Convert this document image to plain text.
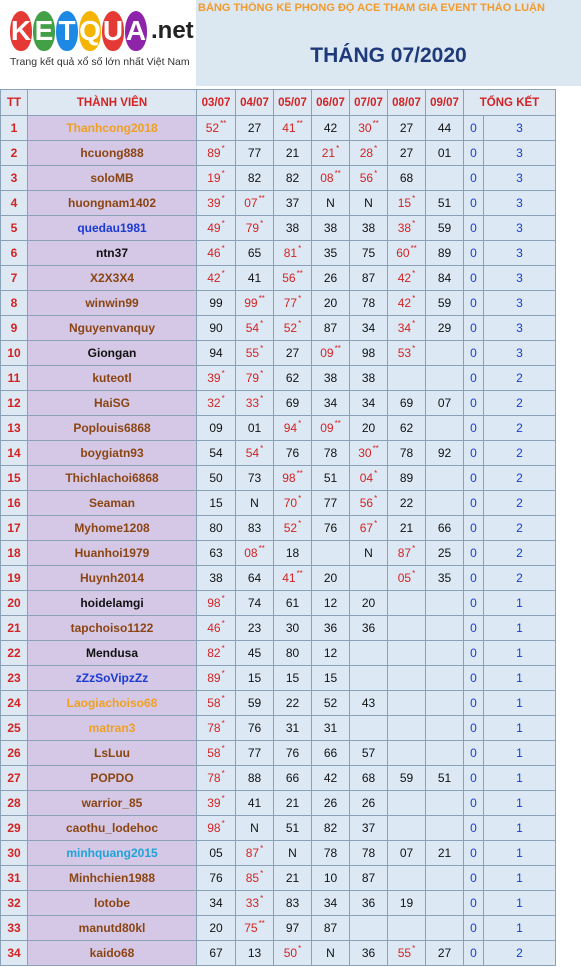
K E T Q U A .net
Trang kết quả xổ số lớn nhất Việt Nam
BẢNG THỐNG KÊ PHONG ĐỘ ACE THAM GIA EVENT THẢO LUẬN
THÁNG 07/2020
TT	THÀNH VIÊN	03/07	04/07	05/07	06/07	07/07	08/07	09/07	TỔNG KẾT	
1	Thanhcong2018	52**	27	41**	42	30**	27	44	0	3
2	hcuong888	89*	77	21	21*	28*	27	01	0	3
3	soloMB	19*	82	82	08**	56*	68		0	3
4	huongnam1402	39*	07**	37	N	N	15*	51	0	3
5	quedau1981	49*	79*	38	38	38	38*	59	0	3
6	ntn37	46*	65	81*	35	75	60**	89	0	3
7	X2X3X4	42*	41	56**	26	87	42*	84	0	3
8	winwin99	99	99**	77*	20	78	42*	59	0	3
9	Nguyenvanquy	90	54*	52*	87	34	34*	29	0	3
10	Giongan	94	55*	27	09**	98	53*		0	3
11	kuteotl	39*	79*	62	38	38			0	2
12	HaiSG	32*	33*	69	34	34	69	07	0	2
13	Poplouis6868	09	01	94*	09**	20	62		0	2
14	boygiatn93	54	54*	76	78	30**	78	92	0	2
15	Thichlachoi6868	50	73	98**	51	04*	89		0	2
16	Seaman	15	N	70*	77	56*	22		0	2
17	Myhome1208	80	83	52*	76	67*	21	66	0	2
18	Huanhoi1979	63	08**	18		N	87*	25	0	2
19	Huynh2014	38	64	41**	20		05*	35	0	2
20	hoidelamgi	98*	74	61	12	20			0	1
21	tapchoiso1122	46*	23	30	36	36			0	1
22	Mendusa	82*	45	80	12				0	1
23	zZzSoVipzZz	89*	15	15	15				0	1
24	Laogiachoiso68	58*	59	22	52	43			0	1
25	matran3	78*	76	31	31				0	1
26	LsLuu	58*	77	76	66	57			0	1
27	POPDO	78*	88	66	42	68	59	51	0	1
28	warrior_85	39*	41	21	26	26			0	1
29	caothu_lodehoc	98*	N	51	82	37			0	1
30	minhquang2015	05	87*	N	78	78	07	21	0	1
31	Minhchien1988	76	85*	21	10	87			0	1
32	lotobe	34	33*	83	34	36	19		0	1
33	manutd80kl	20	75**	97	87				0	1
34	kaido68	67	13	50*	N	36	55*	27	0	2
